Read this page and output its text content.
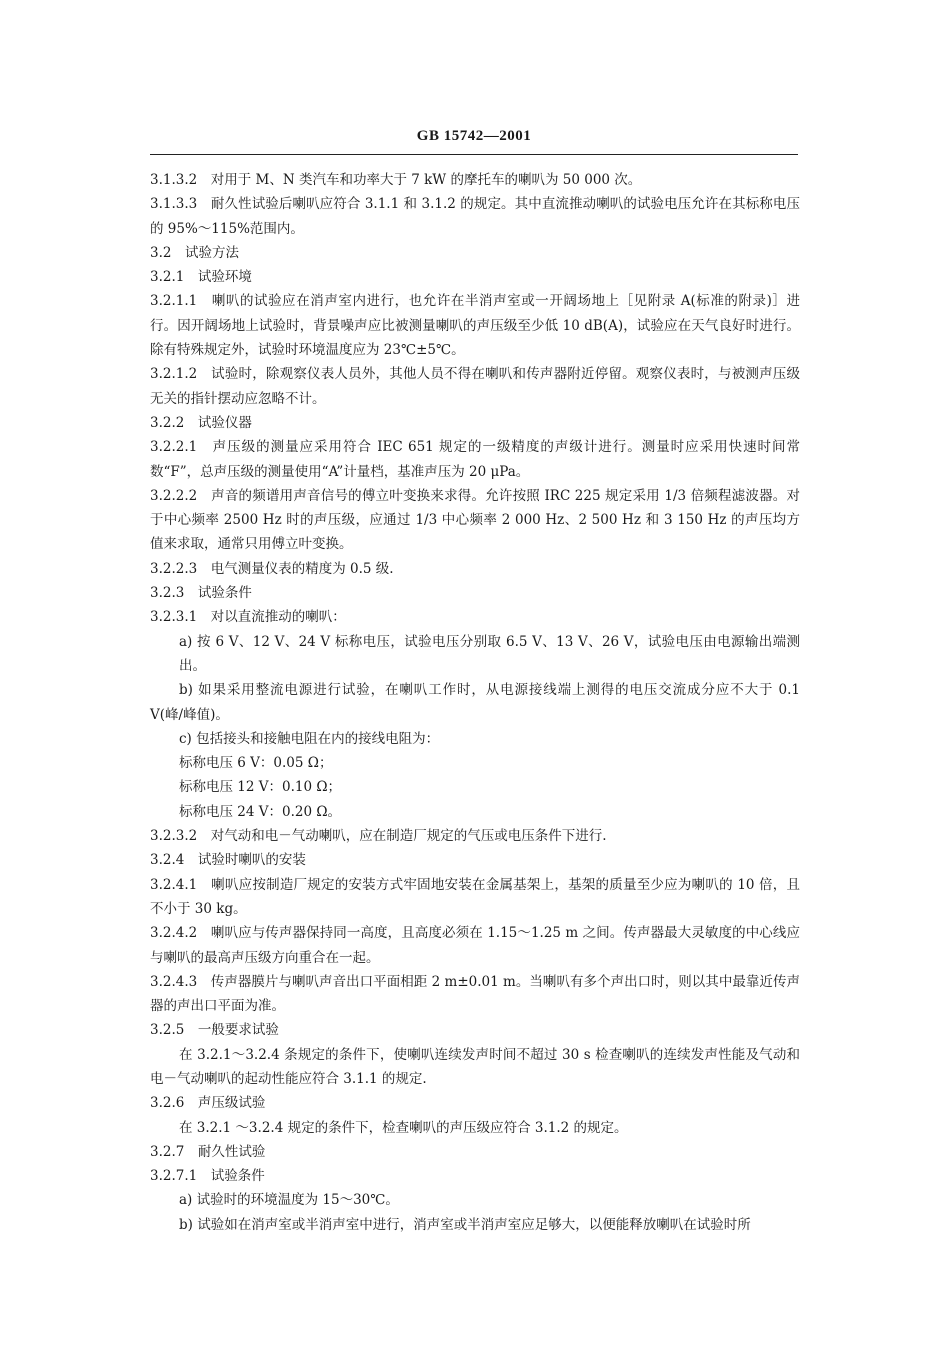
GB 15742—2001

3.1.3.2　对用于 M、N 类汽车和功率大于 7 kW 的摩托车的喇叭为 50 000 次。

3.1.3.3　耐久性试验后喇叭应符合 3.1.1 和 3.1.2 的规定。其中直流推动喇叭的试验电压允许在其标称电压的 95%～115%范围内。

3.2　试验方法

3.2.1　试验环境

3.2.1.1　喇叭的试验应在消声室内进行，也允许在半消声室或一开阔场地上［见附录 A(标准的附录)］进行。因开阔场地上试验时，背景噪声应比被测量喇叭的声压级至少低 10 dB(A)，试验应在天气良好时进行。除有特殊规定外，试验时环境温度应为 23℃±5℃。

3.2.1.2　试验时，除观察仪表人员外，其他人员不得在喇叭和传声器附近停留。观察仪表时，与被测声压级无关的指针摆动应忽略不计。

3.2.2　试验仪器

3.2.2.1　声压级的测量应采用符合 IEC 651 规定的一级精度的声级计进行。测量时应采用快速时间常数“F”，总声压级的测量使用“A”计量档，基准声压为 20 μPa。

3.2.2.2　声音的频谱用声音信号的傅立叶变换来求得。允许按照 IRC 225 规定采用 1/3 倍频程滤波器。对于中心频率 2500 Hz 时的声压级，应通过 1/3 中心频率 2 000 Hz、2 500 Hz 和 3 150 Hz 的声压均方值来求取，通常只用傅立叶变换。

3.2.2.3　电气测量仪表的精度为 0.5 级.

3.2.3　试验条件

3.2.3.1　对以直流推动的喇叭：

a) 按 6 V、12 V、24 V 标称电压，试验电压分别取 6.5 V、13 V、26 V，试验电压由电源输出端测出。

b) 如果采用整流电源进行试验，在喇叭工作时，从电源接线端上测得的电压交流成分应不大于 0.1 V(峰/峰值)。

c) 包括接头和接触电阻在内的接线电阻为：

标称电压 6 V：0.05 Ω；

标称电压 12 V：0.10 Ω；

标称电压 24 V：0.20 Ω。

3.2.3.2　对气动和电－气动喇叭，应在制造厂规定的气压或电压条件下进行.

3.2.4　试验时喇叭的安装

3.2.4.1　喇叭应按制造厂规定的安装方式牢固地安装在金属基架上，基架的质量至少应为喇叭的 10 倍，且不小于 30 kg。

3.2.4.2　喇叭应与传声器保持同一高度，且高度必须在 1.15～1.25 m 之间。传声器最大灵敏度的中心线应与喇叭的最高声压级方向重合在一起。

3.2.4.3　传声器膜片与喇叭声音出口平面相距 2 m±0.01 m。当喇叭有多个声出口时，则以其中最靠近传声器的声出口平面为准。

3.2.5　一般要求试验

在 3.2.1～3.2.4 条规定的条件下，使喇叭连续发声时间不超过 30 s 检查喇叭的连续发声性能及气动和电－气动喇叭的起动性能应符合 3.1.1 的规定.

3.2.6　声压级试验

在 3.2.1 ～3.2.4 规定的条件下，检查喇叭的声压级应符合 3.1.2 的规定。

3.2.7　耐久性试验

3.2.7.1　试验条件

a) 试验时的环境温度为 15～30℃。

b) 试验如在消声室或半消声室中进行，消声室或半消声室应足够大，以便能释放喇叭在试验时所
